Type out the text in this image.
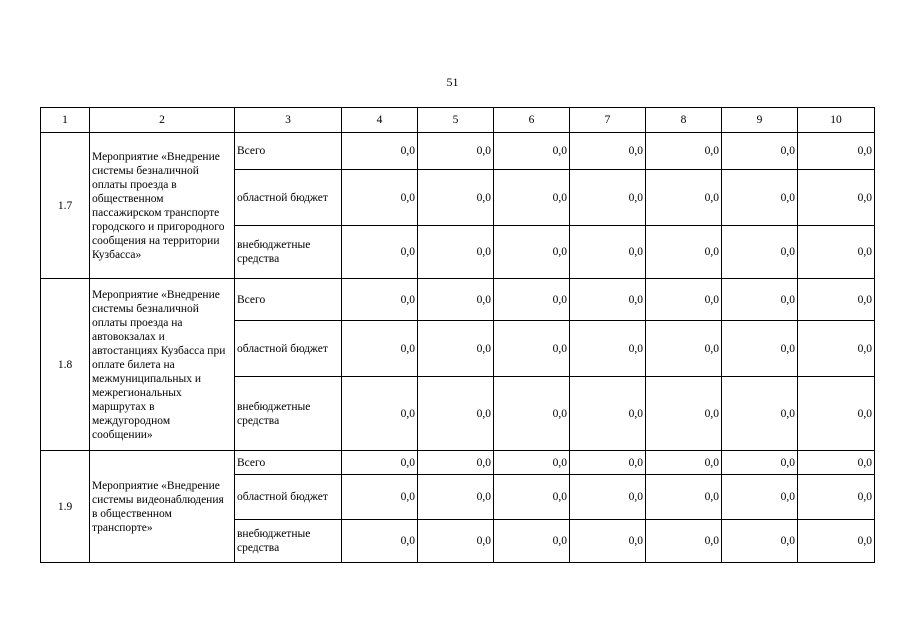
51
1	2	3	4	5	6	7	8	9	10
1.7	Мероприятие «Внедрение системы безналичной оплаты проезда в общественном пассажирском транспорте городского и пригородного сообщения на территории Кузбасса»	Всего	0,0	0,0	0,0	0,0	0,0	0,0	0,0
		областной бюджет	0,0	0,0	0,0	0,0	0,0	0,0	0,0
		внебюджетные средства	0,0	0,0	0,0	0,0	0,0	0,0	0,0
1.8	Мероприятие «Внедрение системы безналичной оплаты проезда на автовокзалах и автостанциях Кузбасса при оплате билета на межмуниципальных и межрегиональных маршрутах в междугородном сообщении»	Всего	0,0	0,0	0,0	0,0	0,0	0,0	0,0
		областной бюджет	0,0	0,0	0,0	0,0	0,0	0,0	0,0
		внебюджетные средства	0,0	0,0	0,0	0,0	0,0	0,0	0,0
1.9	Мероприятие «Внедрение системы видеонаблюдения в общественном транспорте»	Всего	0,0	0,0	0,0	0,0	0,0	0,0	0,0
		областной бюджет	0,0	0,0	0,0	0,0	0,0	0,0	0,0
		внебюджетные средства	0,0	0,0	0,0	0,0	0,0	0,0	0,0
